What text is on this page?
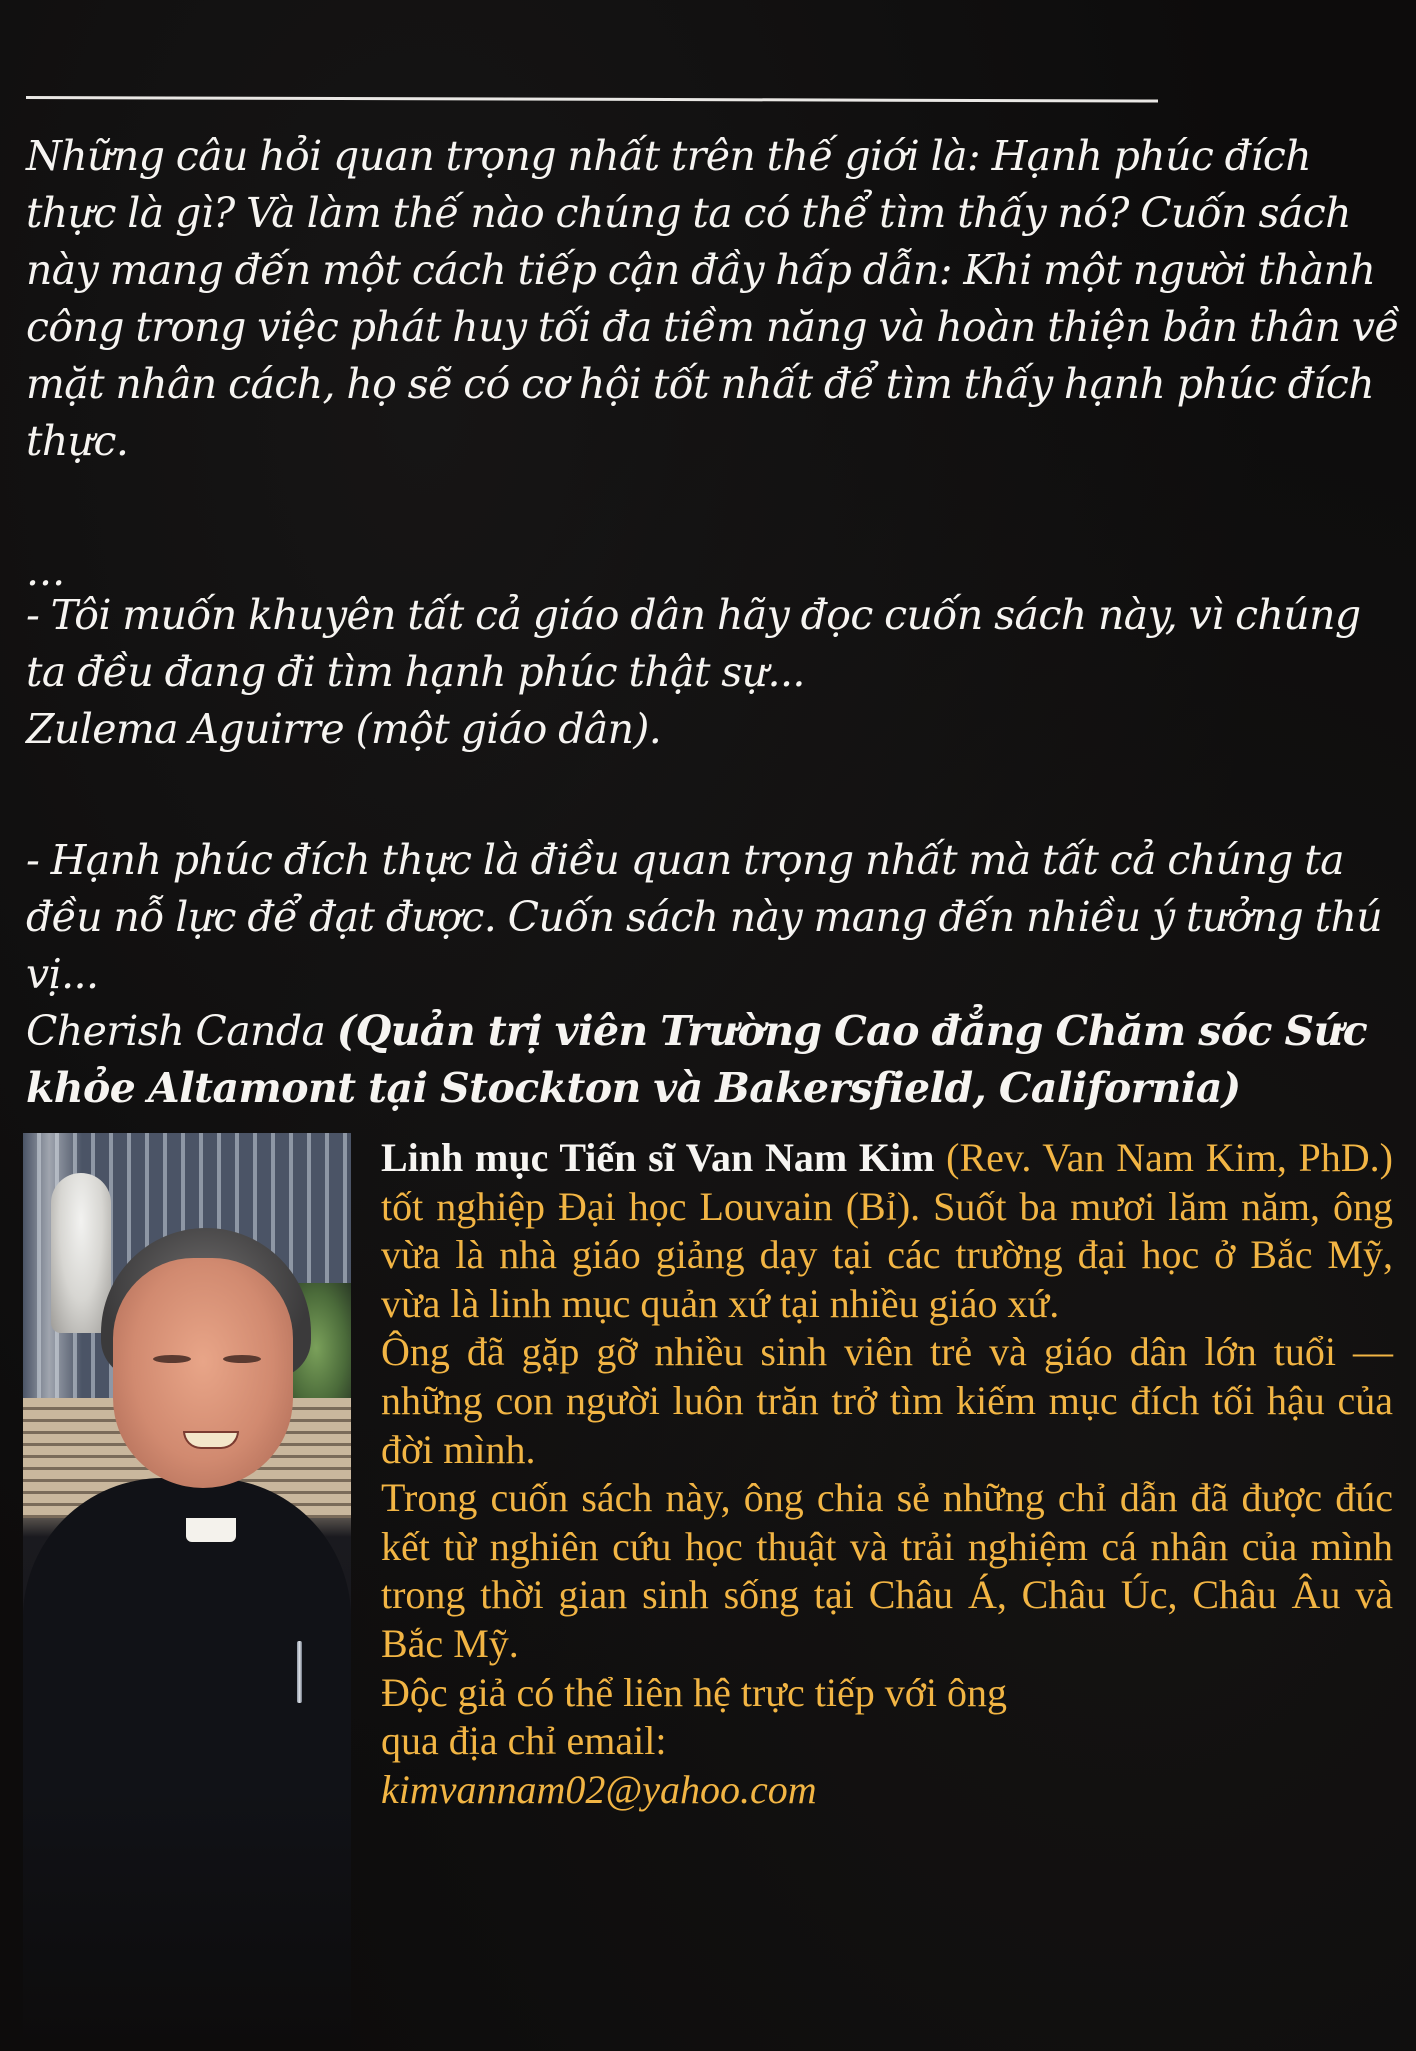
Những câu hỏi quan trọng nhất trên thế giới là: Hạnh phúc đích thực là gì? Và làm thế nào chúng ta có thể tìm thấy nó? Cuốn sách này mang đến một cách tiếp cận đầy hấp dẫn: Khi một người thành công trong việc phát huy tối đa tiềm năng và hoàn thiện bản thân về mặt nhân cách, họ sẽ có cơ hội tốt nhất để tìm thấy hạnh phúc đích thực.

...

- Tôi muốn khuyên tất cả giáo dân hãy đọc cuốn sách này, vì chúng ta đều đang đi tìm hạnh phúc thật sự...

Zulema Aguirre (một giáo dân).

- Hạnh phúc đích thực là điều quan trọng nhất mà tất cả chúng ta đều nỗ lực để đạt được. Cuốn sách này mang đến nhiều ý tưởng thú vị...

Cherish Canda (Quản trị viên Trường Cao đẳng Chăm sóc Sức khỏe Altamont tại Stockton và Bakersfield, California)

Linh mục Tiến sĩ Van Nam Kim (Rev. Van Nam Kim, PhD.) tốt nghiệp Đại học Louvain (Bỉ). Suốt ba mươi lăm năm, ông vừa là nhà giáo giảng dạy tại các trường đại học ở Bắc Mỹ, vừa là linh mục quản xứ tại nhiều giáo xứ.

Ông đã gặp gỡ nhiều sinh viên trẻ và giáo dân lớn tuổi — những con người luôn trăn trở tìm kiếm mục đích tối hậu của đời mình.

Trong cuốn sách này, ông chia sẻ những chỉ dẫn đã được đúc kết từ nghiên cứu học thuật và trải nghiệm cá nhân của mình trong thời gian sinh sống tại Châu Á, Châu Úc, Châu Âu và Bắc Mỹ.

Độc giả có thể liên hệ trực tiếp với ông

qua địa chỉ email:

kimvannam02@yahoo.com
